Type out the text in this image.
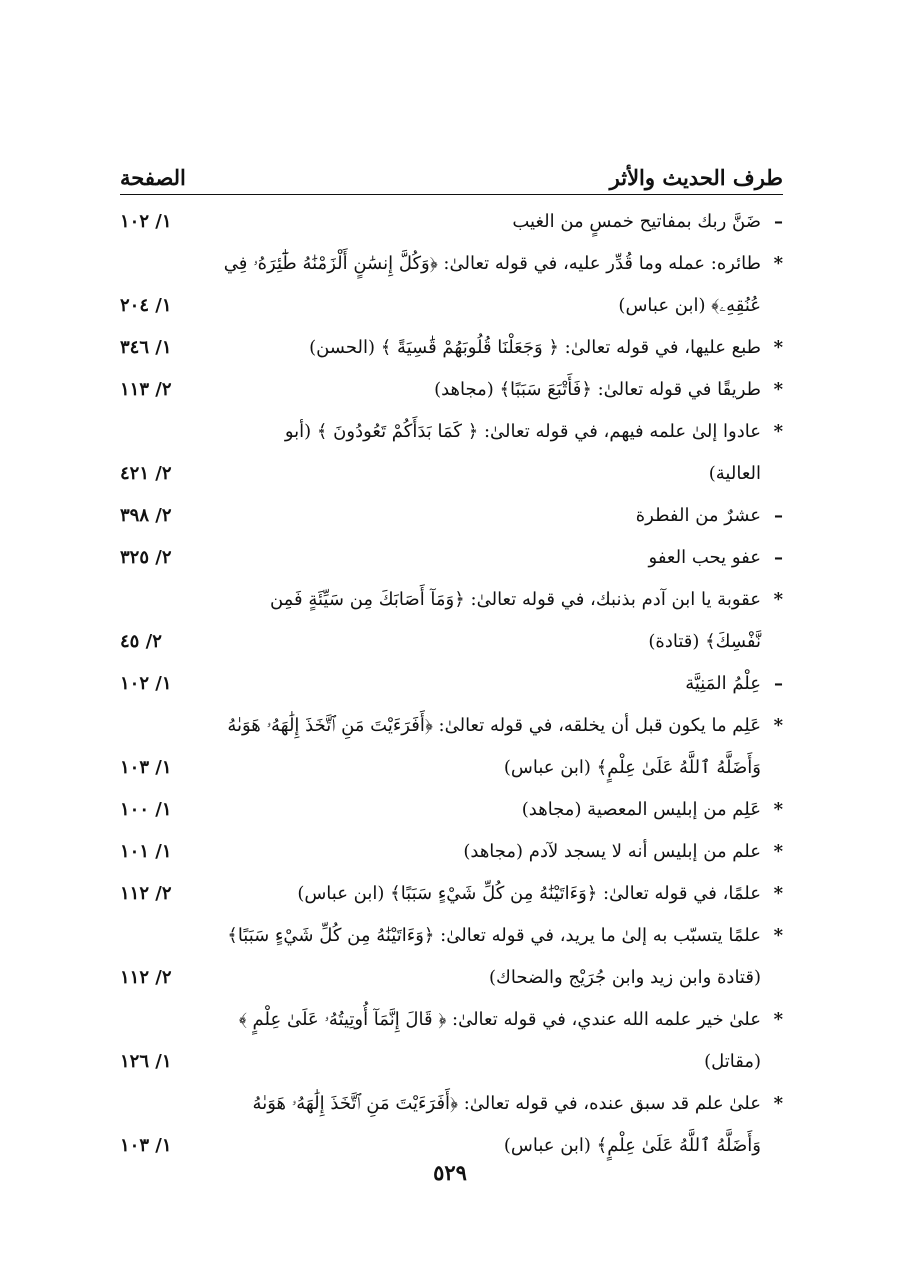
طرف الحديث والأثر
الصفحة
–ضَنَّ ربك بمفاتيح خمسٍ من الغيب
١/ ١٠٢
*طائره: عمله وما قُدِّر عليه، في قوله تعالىٰ: ﴿وَكُلَّ إِنسَٰنٍ أَلْزَمْنَٰهُ طَٰٓئِرَهُۥ فِي
عُنُقِهِۦ﴾ (ابن عباس)
١/ ٢٠٤
*طبع عليها، في قوله تعالىٰ: ﴿ وَجَعَلْنَا قُلُوبَهُمْ قَٰسِيَةً ﴾ (الحسن)
١/ ٣٤٦
*طريقًا في قوله تعالىٰ: ﴿فَأَتْبَعَ سَبَبًا﴾ (مجاهد)
٢/ ١١٣
*عادوا إلىٰ علمه فيهم، في قوله تعالىٰ: ﴿ كَمَا بَدَأَكُمْ تَعُودُونَ ﴾ (أبو
العالية)
٢/ ٤٢١
–عشرٌ من الفطرة
٢/ ٣٩٨
–عفو يحب العفو
٢/ ٣٢٥
*عقوبة يا ابن آدم بذنبك، في قوله تعالىٰ: ﴿وَمَآ أَصَابَكَ مِن سَيِّئَةٍ فَمِن
نَّفْسِكَ﴾ (قتادة)
٢/ ٤٥
–عِلْمُ المَنِيَّة
١/ ١٠٢
*عَلِم ما يكون قبل أن يخلقه، في قوله تعالىٰ: ﴿أَفَرَءَيْتَ مَنِ ٱتَّخَذَ إِلَٰهَهُۥ هَوَىٰهُ
وَأَضَلَّهُ ٱللَّهُ عَلَىٰ عِلْمٍ﴾ (ابن عباس)
١/ ١٠٣
*عَلِم من إبليس المعصية (مجاهد)
١/ ١٠٠
*علم من إبليس أنه لا يسجد لآدم (مجاهد)
١/ ١٠١
*علمًا، في قوله تعالىٰ: ﴿وَءَاتَيْنَٰهُ مِن كُلِّ شَيْءٍ سَبَبًا﴾ (ابن عباس)
٢/ ١١٢
*علمًا يتسبّب به إلىٰ ما يريد، في قوله تعالىٰ: ﴿وَءَاتَيْنَٰهُ مِن كُلِّ شَيْءٍ سَبَبًا﴾
(قتادة وابن زيد وابن جُرَيْج والضحاك)
٢/ ١١٢
*علىٰ خير علمه الله عندي، في قوله تعالىٰ: ﴿ قَالَ إِنَّمَآ أُوتِيتُهُۥ عَلَىٰ عِلْمٍ ﴾
(مقاتل)
١/ ١٢٦
*علىٰ علم قد سبق عنده، في قوله تعالىٰ: ﴿أَفَرَءَيْتَ مَنِ ٱتَّخَذَ إِلَٰهَهُۥ هَوَىٰهُ
وَأَضَلَّهُ ٱللَّهُ عَلَىٰ عِلْمٍ﴾ (ابن عباس)
١/ ١٠٣
٥٢٩
